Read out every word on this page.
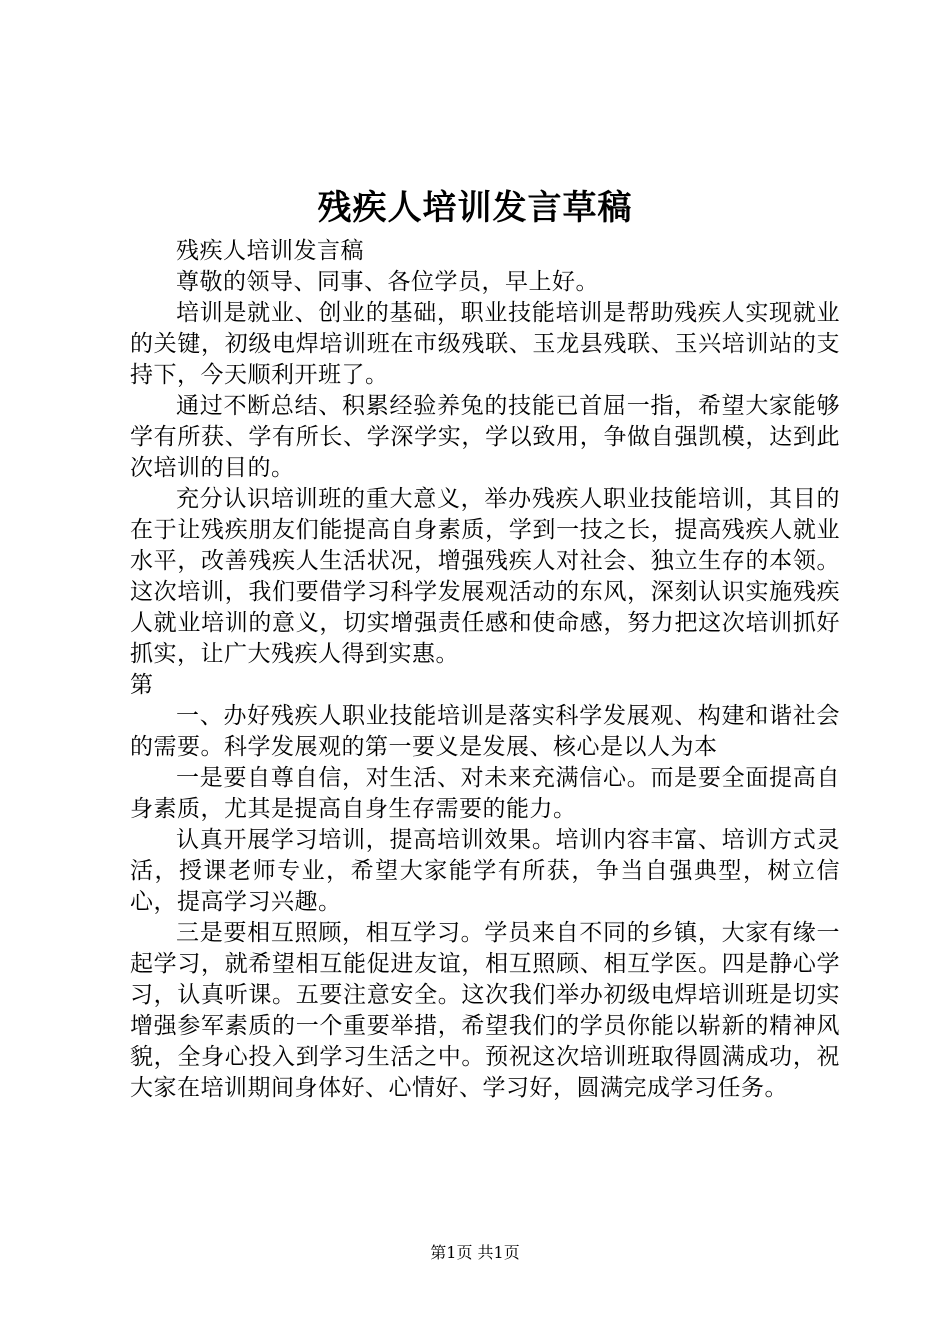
残疾人培训发言草稿

残疾人培训发言稿

尊敬的领导、同事、各位学员，早上好。

培训是就业、创业的基础，职业技能培训是帮助残疾人实现就业的关键，初级电焊培训班在市级残联、玉龙县残联、玉兴培训站的支持下，今天顺利开班了。

通过不断总结、积累经验养兔的技能已首屈一指，希望大家能够学有所获、学有所长、学深学实，学以致用，争做自强凯模，达到此次培训的目的。

充分认识培训班的重大意义，举办残疾人职业技能培训，其目的在于让残疾朋友们能提高自身素质，学到一技之长，提高残疾人就业水平，改善残疾人生活状况，增强残疾人对社会、独立生存的本领。这次培训，我们要借学习科学发展观活动的东风，深刻认识实施残疾人就业培训的意义，切实增强责任感和使命感，努力把这次培训抓好抓实，让广大残疾人得到实惠。

第

一、办好残疾人职业技能培训是落实科学发展观、构建和谐社会的需要。科学发展观的第一要义是发展、核心是以人为本

一是要自尊自信，对生活、对未来充满信心。而是要全面提高自身素质，尤其是提高自身生存需要的能力。

认真开展学习培训，提高培训效果。培训内容丰富、培训方式灵活，授课老师专业，希望大家能学有所获，争当自强典型，树立信心，提高学习兴趣。

三是要相互照顾，相互学习。学员来自不同的乡镇，大家有缘一起学习，就希望相互能促进友谊，相互照顾、相互学医。四是静心学习，认真听课。五要注意安全。这次我们举办初级电焊培训班是切实增强参军素质的一个重要举措，希望我们的学员你能以崭新的精神风貌，全身心投入到学习生活之中。预祝这次培训班取得圆满成功，祝大家在培训期间身体好、心情好、学习好，圆满完成学习任务。

第1页 共1页
